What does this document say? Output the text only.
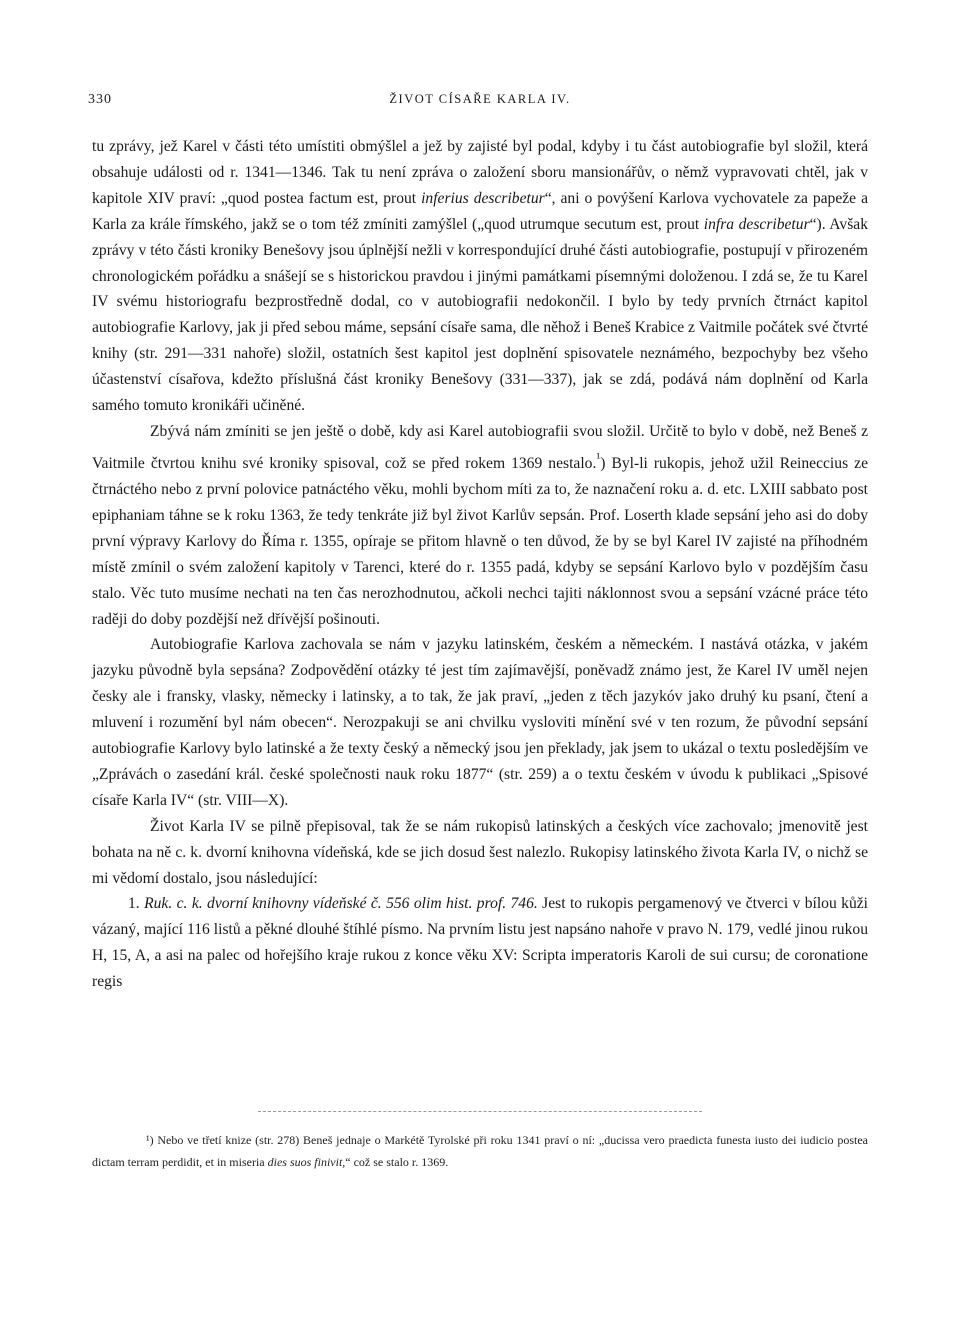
330	ŽIVOT CÍSAŘE KARLA IV.

tu zprávy, jež Karel v části této umístiti obmýšlel a jež by zajisté byl podal, kdyby i tu část autobiografie byl složil, která obsahuje události od r. 1341—1346. Tak tu není zpráva o založení sboru mansionářův, o němž vypravovati chtěl, jak v kapitole XIV praví: „quod postea factum est, prout inferius describetur“, ani o povýšení Karlova vychovatele za papeže a Karla za krále římského, jakž se o tom též zmíniti zamýšlel („quod utrumque secutum est, prout infra describetur“). Avšak zprávy v této části kroniky Benešovy jsou úplnější nežli v korrespondující druhé části autobiografie, postupují v přirozeném chronologickém pořádku a snášejí se s historickou pravdou i jinými památkami písemnými doloženou. I zdá se, že tu Karel IV svému historiografu bezprostředně dodal, co v autobiografii nedokončil. I bylo by tedy prvních čtrnáct kapitol autobiografie Karlovy, jak ji před sebou máme, sepsání císaře sama, dle něhož i Beneš Krabice z Vaitmile počátek své čtvrté knihy (str. 291—331 nahoře) složil, ostatních šest kapitol jest doplnění spisovatele neznámého, bezpochyby bez všeho účastenství císařova, kdežto příslušná část kroniky Benešovy (331—337), jak se zdá, podává nám doplnění od Karla samého tomuto kronikáři učiněné.

Zbývá nám zmíniti se jen ještě o době, kdy asi Karel autobiografii svou složil. Určitě to bylo v době, než Beneš z Vaitmile čtvrtou knihu své kroniky spisoval, což se před rokem 1369 nestalo.$^{^1}$) Byl-li rukopis, jehož užil Reineccius ze čtrnáctého nebo z první polovice patnáctého věku, mohli bychom míti za to, že naznačení roku a. d. etc. LXIII sabbato post epiphaniam táhne se k roku 1363, že tedy tenkráte již byl život Karlův sepsán. Prof. Loserth klade sepsání jeho asi do doby první výpravy Karlovy do Říma r. 1355, opíraje se přitom hlavně o ten důvod, že by se byl Karel IV zajisté na příhodném místě zmínil o svém založení kapitoly v Tarenci, které do r. 1355 padá, kdyby se sepsání Karlovo bylo v pozdějším času stalo. Věc tuto musíme nechati na ten čas nerozhodnutou, ačkoli nechci tajiti náklonnost svou a sepsání vzácné práce této raději do doby pozdější než dřívější pošinouti.

Autobiografie Karlova zachovala se nám v jazyku latinském, českém a německém. I nastává otázka, v jakém jazyku původně byla sepsána? Zodpovědění otázky té jest tím zajímavější, poněvadž známo jest, že Karel IV uměl nejen česky ale i fransky, vlasky, německy i latinsky, a to tak, že jak praví, „jeden z těch jazykóv jako druhý ku psaní, čtení a mluvení i rozumění byl nám obecen“. Nerozpakuji se ani chvilku vysloviti mínění své v ten rozum, že původní sepsání autobiografie Karlovy bylo latinské a že texty český a německý jsou jen překlady, jak jsem to ukázal o textu posledějším ve „Zprávách o zasedání král. české společnosti nauk roku 1877“ (str. 259) a o textu českém v úvodu k publikaci „Spisové císaře Karla IV“ (str. VIII—X).

Život Karla IV se pilně přepisoval, tak že se nám rukopisů latinských a českých více zachovalo; jmenovitě jest bohata na ně c. k. dvorní knihovna vídeňská, kde se jich dosud šest nalezlo. Rukopisy latinského života Karla IV, o nichž se mi vědomí dostalo, jsou následující:

1. Ruk. c. k. dvorní knihovny vídeňské č. 556 olim hist. prof. 746. Jest to rukopis pergamenový ve čtverci v bílou kůži vázaný, mající 116 listů a pěkné dlouhé štíhlé písmo. Na prvním listu jest napsáno nahoře v pravo N. 179, vedlé jinou rukou H, 15, A, a asi na palec od hořejšího kraje rukou z konce věku XV: Scripta imperatoris Karoli de sui cursu; de coronatione regis

¹) Nebo ve třetí knize (str. 278) Beneš jednaje o Markétě Tyrolské při roku 1341 praví o ní: „ducissa vero praedicta funesta iusto dei iudicio postea dictam terram perdidit, et in miseria dies suos finivit,“ což se stalo r. 1369.
